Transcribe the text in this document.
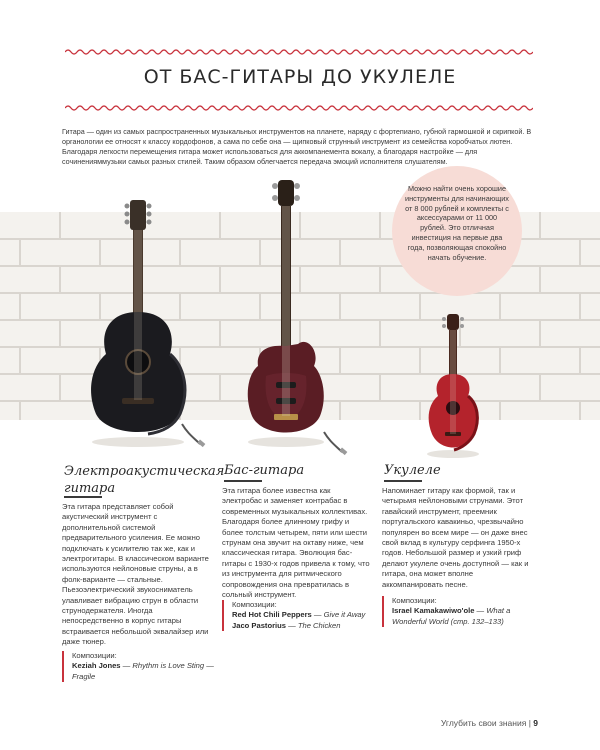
ОТ БАС-ГИТАРЫ ДО УКУЛЕЛЕ
Гитара — один из самых распространенных музыкальных инструментов на планете, наряду с фортепиано, губной гармошкой и скрипкой. В органологии ее относят к классу кордофонов, а сама по себе она — щипковый струнный инструмент из семейства коробчатых лютен. Благодаря легкости перемещения гитара может использоваться для аккомпанемента вокалу, а благодаря настройке — для сочиненияммузыки самых разных стилей. Таким образом облегчается передача эмоций исполнителя слушателям.
Можно найти очень хорошие инструменты для начинающих от 8 000 рублей и комплекты с аксессуарами от 11 000 рублей. Это отличная инвестиция на первые два года, позволяющая спокойно начать обучение.
Электроакустическая гитара
Эта гитара представляет собой акустический инструмент с дополнительной системой предварительного усиления. Ее можно подключать к усилителю так же, как и электрогитары. В классическом варианте используются нейлоновые струны, а в фолк-варианте — стальные. Пьезоэлектрический звукосниматель улавливает вибрацию струн в области струнодержателя. Иногда непосредственно в корпус гитары встраивается небольшой эквалайзер или даже тюнер.
Композиции:
Keziah Jones — Rhythm is Love Sting — Fragile
Бас-гитара
Эта гитара более известна как электробас и заменяет контрабас в современных музыкальных коллективах. Благодаря более длинному грифу и более толстым четырем, пяти или шести струнам она звучит на октаву ниже, чем классическая гитара. Эволюция бас-гитары с 1930-х годов привела к тому, что из инструмента для ритмического сопровождения она превратилась в сольный инструмент.
Композиции:
Red Hot Chili Peppers — Give it Away
Jaco Pastorius — The Chicken
Укулеле
Напоминает гитару как формой, так и четырьмя нейлоновыми струнами. Этот гавайский инструмент, преемник португальского кавакиньо, чрезвычайно популярен во всем мире — он даже внес свой вклад в культуру серфинга 1950-х годов. Небольшой размер и узкий гриф делают укулеле очень доступной — как и гитара, она может вполне аккомпанировать песне.
Композиции:
Israel Kamakawiwo'ole — What a Wonderful World (стр. 132–133)
Углубить свои знания | 9
